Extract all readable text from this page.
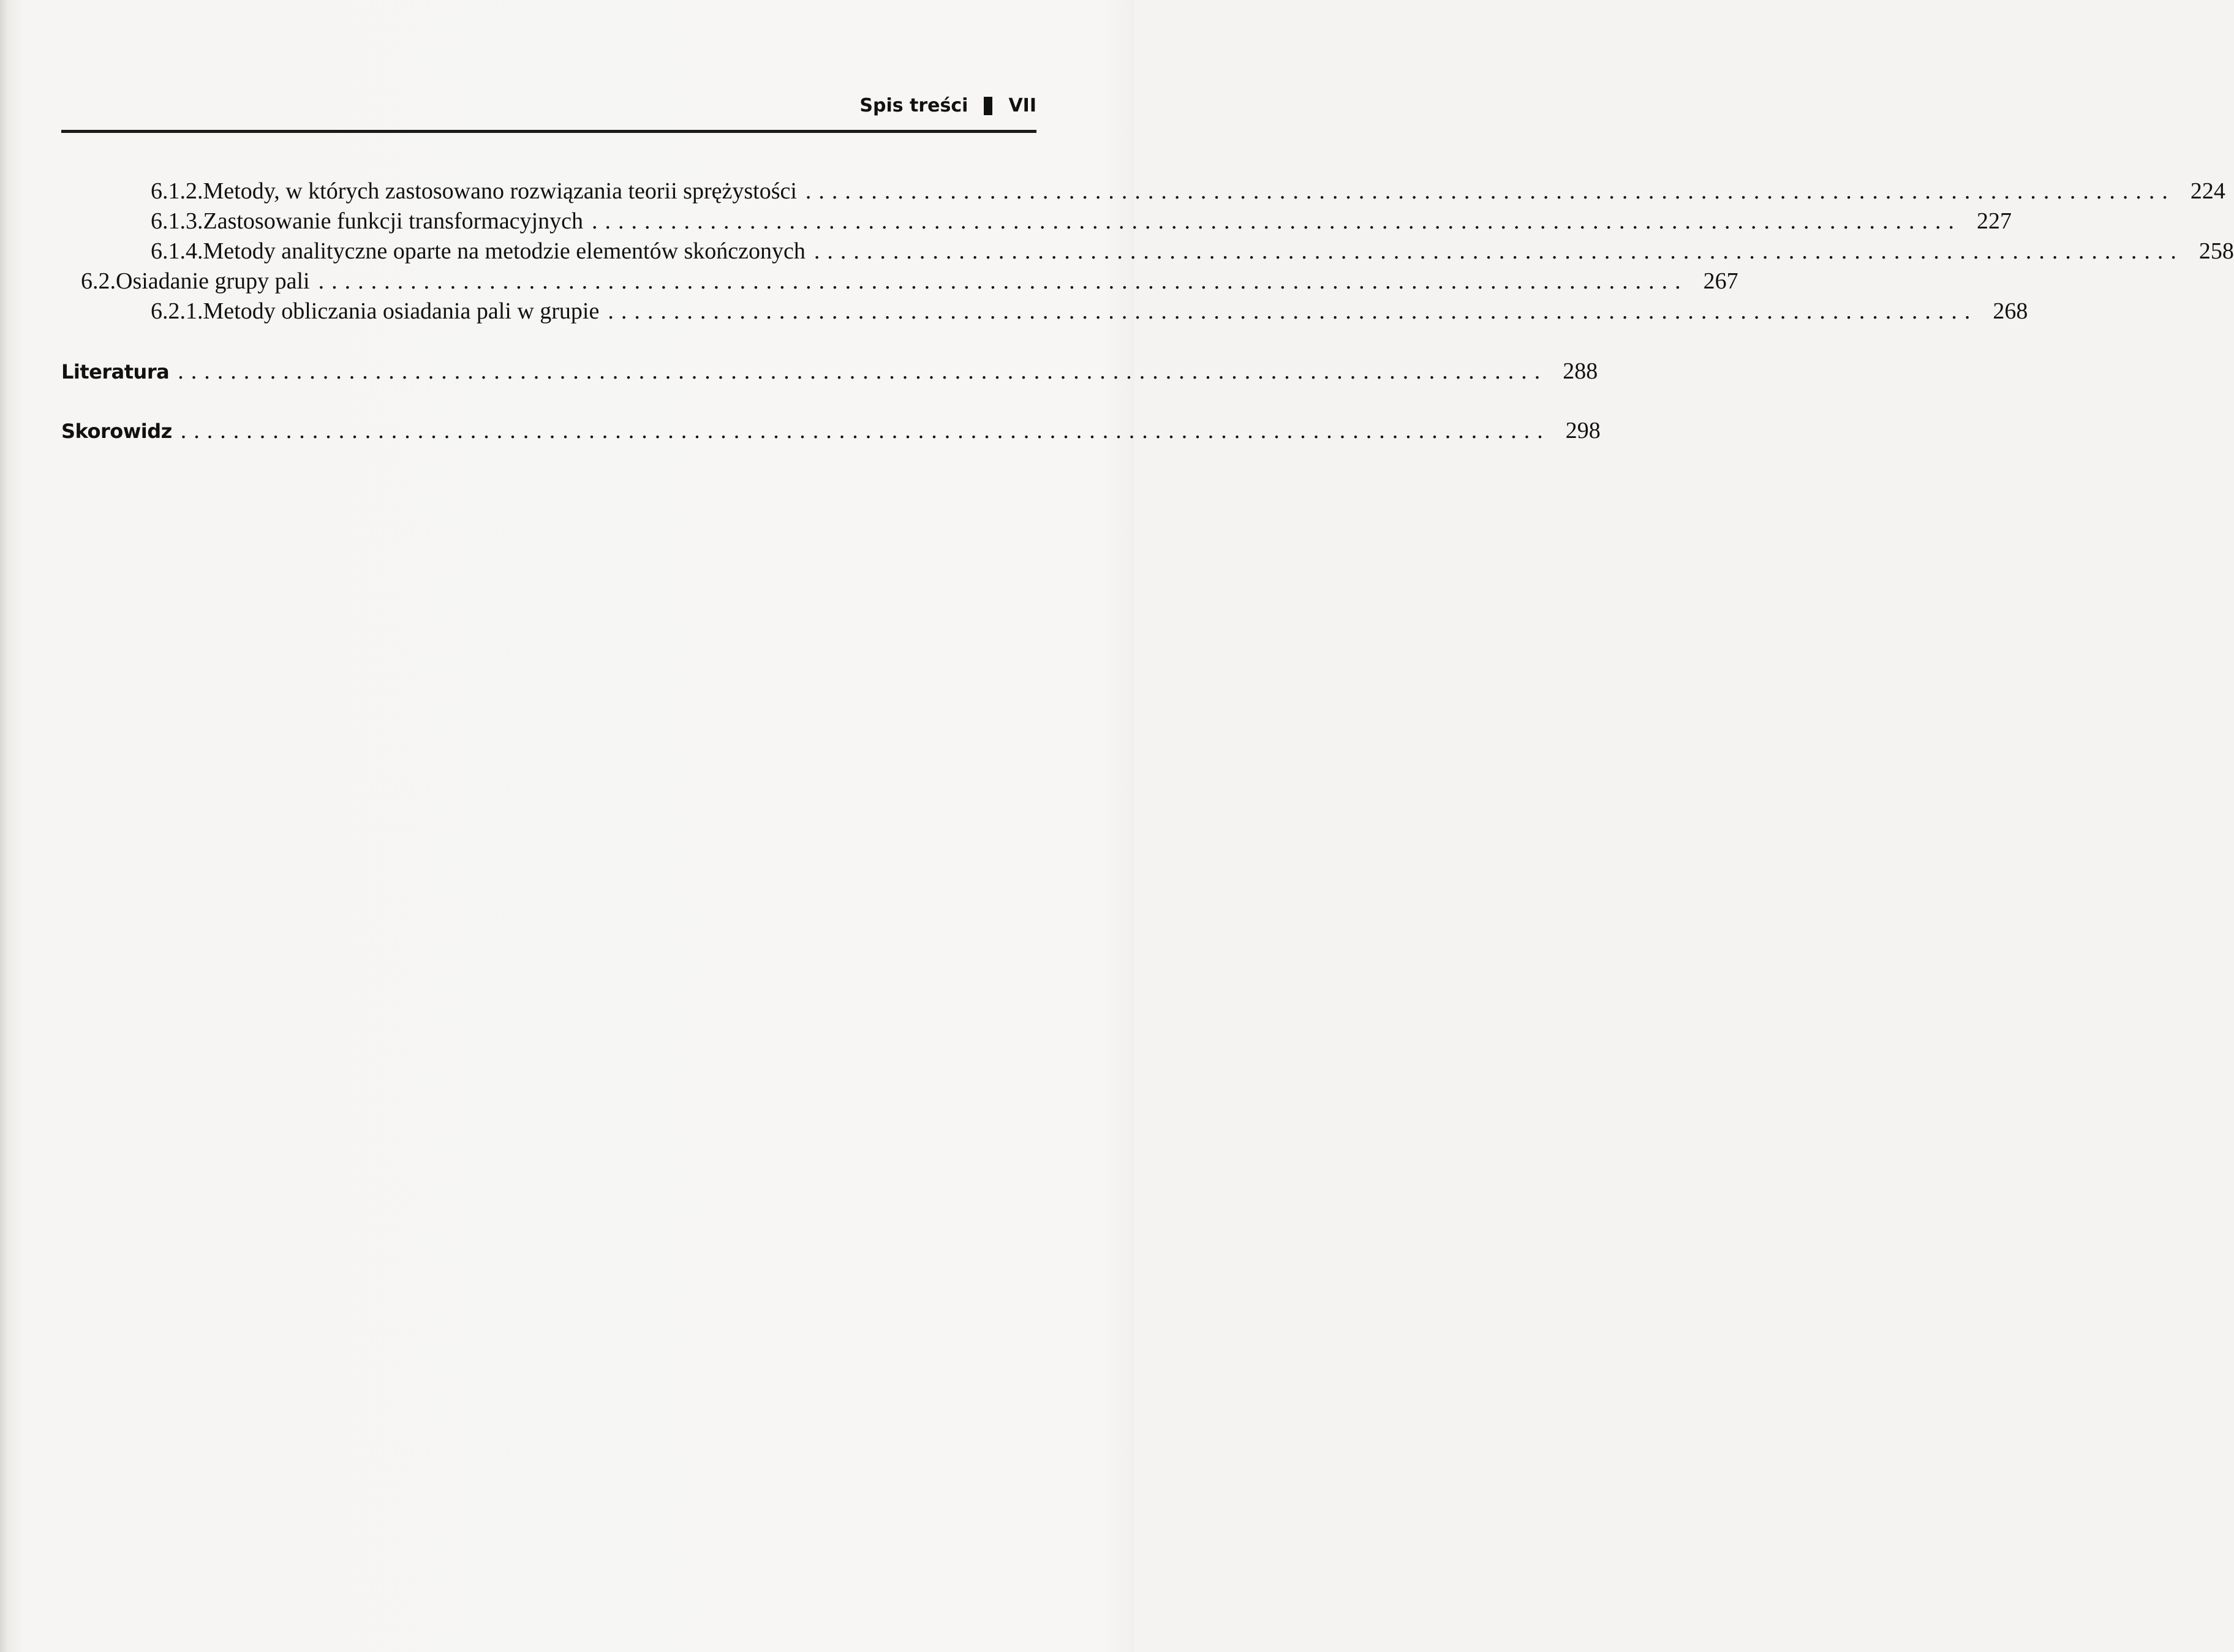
Spis treści VII
6.1.2. Metody, w których zastosowano rozwiązania teorii sprężystości ........................................................................................................ 224
6.1.3. Zastosowanie funkcji transformacyjnych ........................................................................................................ 227
6.1.4. Metody analityczne oparte na metodzie elementów skończonych ........................................................................................................ 258
6.2. Osiadanie grupy pali ........................................................................................................ 267
6.2.1. Metody obliczania osiadania pali w grupie ........................................................................................................ 268
Literatura ........................................................................................................ 288
Skorowidz ........................................................................................................ 298
